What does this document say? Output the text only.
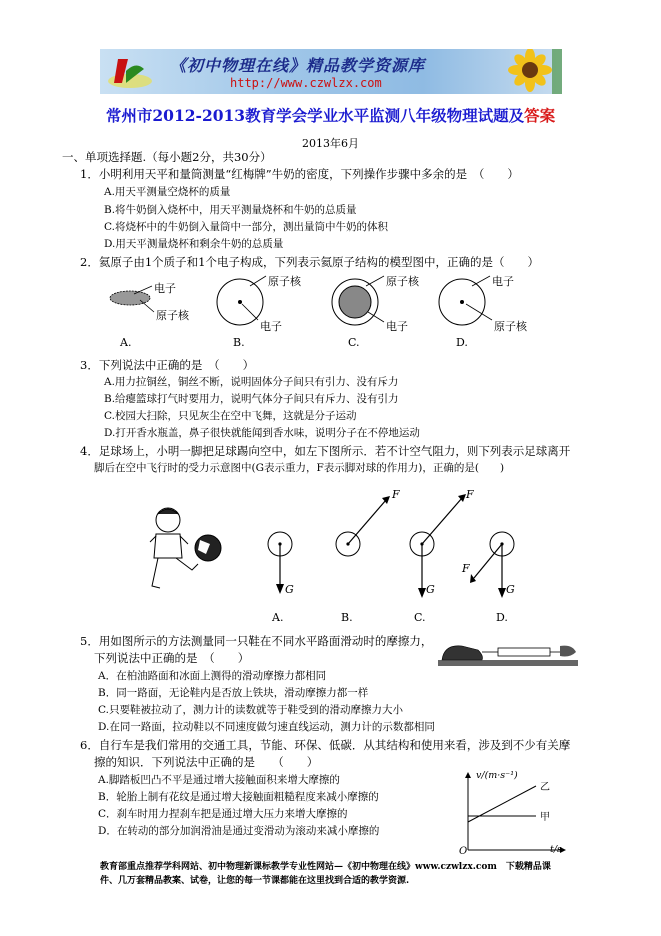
《初中物理在线》精品教学资源库
http://www.czwlzx.com
常州市2012-2013教育学会学业水平监测八年级物理试题及答案
2013年6月
一、单项选择题.（每小题2分，共30分）
1．小明利用天平和量筒测量“红梅牌”牛奶的密度，下列操作步骤中多余的是　（　　）
A.用天平测量空烧杯的质量
B.将牛奶倒入烧杯中，用天平测量烧杯和牛奶的总质量
C.将烧杯中的牛奶倒入量筒中一部分，测出量筒中牛奶的体积
D.用天平测量烧杯和剩余牛奶的总质量
2．氦原子由1个质子和1个电子构成，下列表示氦原子结构的模型图中，正确的是（　　）
电子
原子核
原子核
电子
原子核
电子
电子
原子核
A.	B.	C.	D.
3．下列说法中正确的是　（　　）
A.用力拉铜丝，铜丝不断，说明固体分子间只有引力、没有斥力
B.给瘪篮球打气时要用力，说明气体分子间只有斥力、没有引力
C.校园大扫除，只见灰尘在空中飞舞，这就是分子运动
D.打开香水瓶盖，鼻子很快就能闻到香水味，说明分子在不停地运动
4．足球场上，小明一脚把足球踢向空中，如左下图所示．若不计空气阻力，则下列表示足球离开
脚后在空中飞行时的受力示意图中(G表示重力，F表示脚对球的作用力)，正确的是(　　)
G
F	F
G
F
G
A.	B.	C.	D.
5．用如图所示的方法测量同一只鞋在不同水平路面滑动时的摩擦力，
下列说法中正确的是　（　　）
A．在柏油路面和冰面上测得的滑动摩擦力都相同
B．同一路面，无论鞋内是否放上铁块，滑动摩擦力都一样
C.只要鞋被拉动了，测力计的读数就等于鞋受到的滑动摩擦力大小
D.在同一路面，拉动鞋以不同速度做匀速直线运动，测力计的示数都相同
6．自行车是我们常用的交通工具，节能、环保、低碳．从其结构和使用来看，涉及到不少有关摩
擦的知识．下列说法中正确的是　　（　　）
A.脚踏板凹凸不平是通过增大接触面积来增大摩擦的
B．轮胎上制有花纹是通过增大接触面粗糙程度来减小摩擦的
C．刹车时用力捏刹车把是通过增大压力来增大摩擦的
D．在转动的部分加润滑油是通过变滑动为滚动来减小摩擦的
v/(m·s⁻¹)
t/s
O
乙
甲
教育部重点推荐学科网站、初中物理新课标教学专业性网站—《初中物理在线》www.czwlzx.com　下载精品课
件、几万套精品教案、试卷，让您的每一节课都能在这里找到合适的教学资源.
